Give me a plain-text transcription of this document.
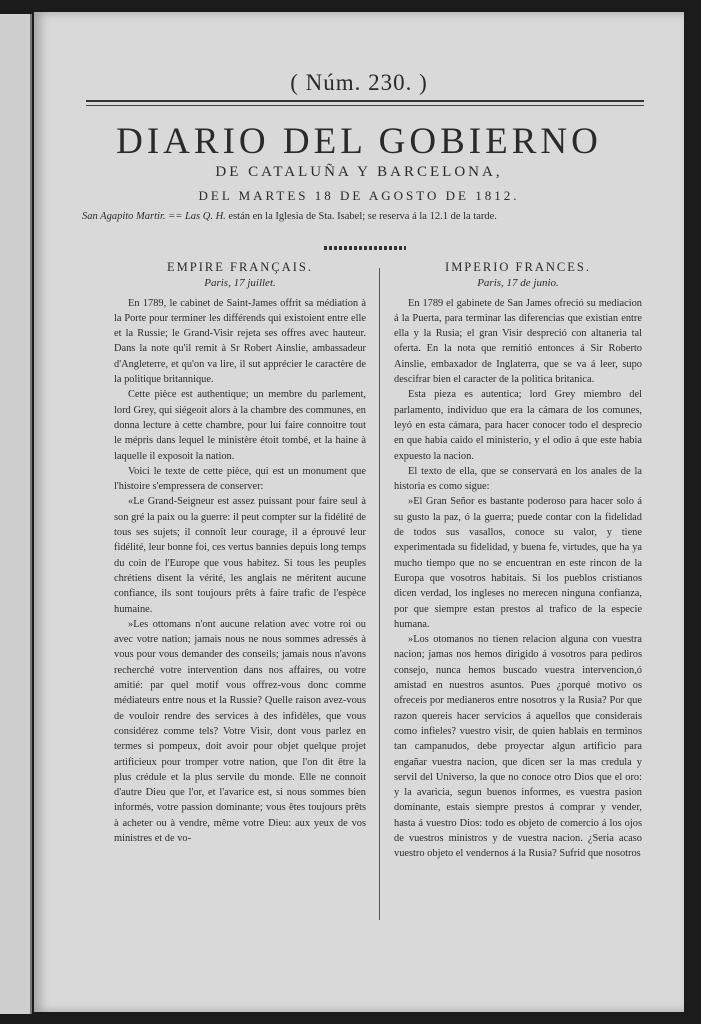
( Núm. 230. )
DIARIO DEL GOBIERNO
DE CATALUÑA Y BARCELONA,
DEL MARTES 18 DE AGOSTO DE 1812.
San Agapito Martir. == Las Q. H. están en la Iglesia de Sta. Isabel; se reserva á la 12.1 de la tarde.
EMPIRE FRANÇAIS.
Paris, 17 juillet.

En 1789, le cabinet de Saint-James offrit sa médiation à la Porte pour terminer les différends qui existoient entre elle et la Russie; le Grand-Visir rejeta ses offres avec hauteur. Dans la note qu'il remit à Sr Robert Ainslie, ambassadeur d'Angleterre, et qu'on va lire, il sut apprécier le caractère de la politique britannique.

Cette pièce est authentique; un membre du parlement, lord Grey, qui siégeoit alors à la chambre des communes, en donna lecture à cette chambre, pour lui faire connoitre tout le mépris dans lequel le ministère étoit tombé, et la haine à laquelle il exposoit la nation.

Voici le texte de cette pièce, qui est un monument que l'histoire s'empressera de conserver:

«Le Grand-Seigneur est assez puissant pour faire seul à son gré la paix ou la guerre: il peut compter sur la fidélité de tous ses sujets; il connoît leur courage, il a éprouvé leur fidélité, leur bonne foi, ces vertus bannies depuis long temps du coin de l'Europe que vous habitez. Si tous les peuples chrétiens disent la vérité, les anglais ne méritent aucune confiance, ils sont toujours prêts à faire trafic de l'espèce humaine.

»Les ottomans n'ont aucune relation avec votre roi ou avec votre nation; jamais nous ne nous sommes adressés à vous pour vous demander des conseils; jamais nous n'avons recherché votre intervention dans nos affaires, ou votre amitié: par quel motif vous offrez-vous donc comme médiateurs entre nous et la Russie? Quelle raison avez-vous de vouloir rendre des services à des infidèles, que vous considérez comme tels? Votre Visir, dont vous parlez en termes si pompeux, doit avoir pour objet quelque projet artificieux pour tromper votre nation, que l'on dit être la plus crédule et la plus servile du monde. Elle ne connoit d'autre Dieu que l'or, et l'avarice est, si nous sommes bien informés, votre passion dominante; vous êtes toujours prêts à acheter ou à vendre, même votre Dieu: aux yeux de vos ministres et de vo-

IMPERIO FRANCES.
Paris, 17 de junio.

En 1789 el gabinete de San James ofreció su mediacion á la Puerta, para terminar las diferencias que existian entre ella y la Rusia; el gran Visir despreció con altaneria tal oferta. En la nota que remitió entonces á Sir Roberto Ainslie, embaxador de Inglaterra, que se va á leer, supo descifrar bien el caracter de la politica britanica.

Esta pieza es autentica; lord Grey miembro del parlamento, individuo que era la cámara de los comunes, leyó en esta cámara, para hacer conocer todo el desprecio en que habia caido el ministerio, y el odio á que este habia expuesto la nacion.

El texto de ella, que se conservará en los anales de la historia es como sigue:

»El Gran Señor es bastante poderoso para hacer solo á su gusto la paz, ó la guerra; puede contar con la fidelidad de todos sus vasallos, conoce su valor, y tiene experimentada su fidelidad, y buena fe, virtudes, que ha ya mucho tiempo que no se encuentran en este rincon de la Europa que vosotros habitais. Si los pueblos cristianos dicen verdad, los ingleses no merecen ninguna confianza, por que siempre estan prestos al trafico de la especie humana.

»Los otomanos no tienen relacion alguna con vuestra nacion; jamas nos hemos dirigido á vosotros para pediros consejo, nunca hemos buscado vuestra intervencion,ó amistad en nuestros asuntos. Pues ¿porqué motivo os ofreceis por medianeros entre nosotros y la Rusia? Por que razon quereis hacer servicios á aquellos que considerais como infieles? vuestro visir, de quien hablais en terminos tan campanudos, debe proyectar algun artificio para engañar vuestra nacion, que dicen ser la mas credula y servil del Universo, la que no conoce otro Dios que el oro: y la avaricia, segun buenos informes, es vuestra pasion dominante, estais siempre prestos á comprar y vender, hasta á vuestro Dios: todo es objeto de comercio á los ojos de vuestros ministros y de vuestra nacion. ¿Seria acaso vuestro objeto el vendernos á la Rusia? Sufrid que nosotros
